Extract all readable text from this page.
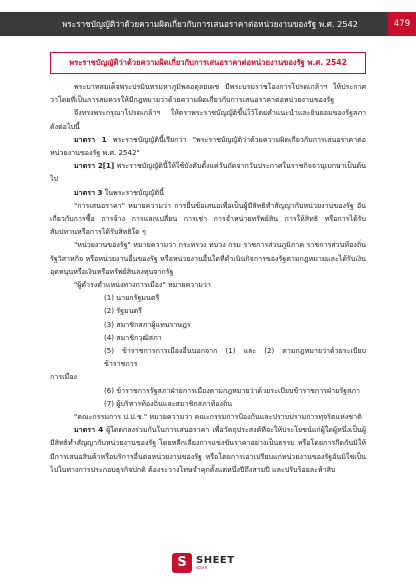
พระราชบัญญัติว่าด้วยความผิดเกี่ยวกับการเสนอราคาต่อหน่วยงานของรัฐ พ.ศ. 2542	479
พระราชบัญญัติว่าด้วยความผิดเกี่ยวกับการเสนอราคาต่อหน่วยงานของรัฐ พ.ศ. 2542

พระบาทสมเด็จพระปรมินทรมหาภูมิพลอดุลยเดช มีพระบรมราชโองการโปรดเกล้าฯ ให้ประกาศว่าโดยที่เป็นการสมควรให้มีกฎหมายว่าด้วยความผิดเกี่ยวกับการเสนอราคาต่อหน่วยงานของรัฐ

จึงทรงพระกรุณาโปรดเกล้าฯ ให้ตราพระราชบัญญัติขึ้นไว้โดยคำแนะนำและยินยอมของรัฐสภา ดังต่อไปนี้

มาตรา 1 พระราชบัญญัตินี้เรียกว่า "พระราชบัญญัติว่าด้วยความผิดเกี่ยวกับการเสนอราคาต่อหน่วยงานของรัฐ พ.ศ. 2542"

มาตรา 2[1] พระราชบัญญัตินี้ให้ใช้บังคับตั้งแต่วันถัดจากวันประกาศในราชกิจจานุเบกษาเป็นต้นไป

มาตรา 3 ในพระราชบัญญัตินี้

"การเสนอราคา" หมายความว่า การยื่นข้อเสนอเพื่อเป็นผู้มีสิทธิทำสัญญากับหน่วยงานของรัฐ อันเกี่ยวกับการซื้อ การจ้าง การแลกเปลี่ยน การเช่า การจำหน่ายทรัพย์สิน การให้สิทธิ หรือการได้รับสัมปทานหรือการได้รับสิทธิใด ๆ

"หน่วยงานของรัฐ" หมายความว่า กระทรวง ทบวง กรม ราชการส่วนภูมิภาค ราชการส่วนท้องถิ่น รัฐวิสาหกิจ หรือหน่วยงานอื่นของรัฐ หรือหน่วยงานอื่นใดที่ดำเนินกิจการของรัฐตามกฎหมายและได้รับเงินอุดหนุนหรือเงินหรือทรัพย์สินลงทุนจากรัฐ

"ผู้ดำรงตำแหน่งทางการเมือง" หมายความว่า

(1) นายกรัฐมนตรี

(2) รัฐมนตรี

(3) สมาชิกสภาผู้แทนราษฎร

(4) สมาชิกวุฒิสภา

(5) ข้าราชการการเมืองอื่นนอกจาก (1) และ (2) ตามกฎหมายว่าด้วยระเบียบข้าราชการ

การเมือง

(6) ข้าราชการรัฐสภาฝ่ายการเมืองตามกฎหมายว่าด้วยระเบียบข้าราชการฝ่ายรัฐสภา

(7) ผู้บริหารท้องถิ่นและสมาชิกสภาท้องถิ่น

"คณะกรรมการ ป.ป.ช." หมายความว่า คณะกรรมการป้องกันและปราบปรามการทุจริตแห่งชาติ

มาตรา 4 ผู้ใดตกลงร่วมกันในการเสนอราคา เพื่อวัตถุประสงค์ที่จะให้ประโยชน์แก่ผู้ใดผู้หนึ่งเป็นผู้มีสิทธิทำสัญญากับหน่วยงานของรัฐ โดยหลีกเลี่ยงการแข่งขันราคาอย่างเป็นธรรม หรือโดยการกีดกันมิให้มีการเสนอสินค้าหรือบริการอื่นต่อหน่วยงานของรัฐ หรือโดยการเอาเปรียบแก่หน่วยงานของรัฐอันมิใช่เป็นไปในทางการประกอบธุรกิจปกติ ต้องระวางโทษจำคุกตั้งแต่หนึ่งปีถึงสามปี และปรับร้อยละห้าสิบ

S SHEET
store
